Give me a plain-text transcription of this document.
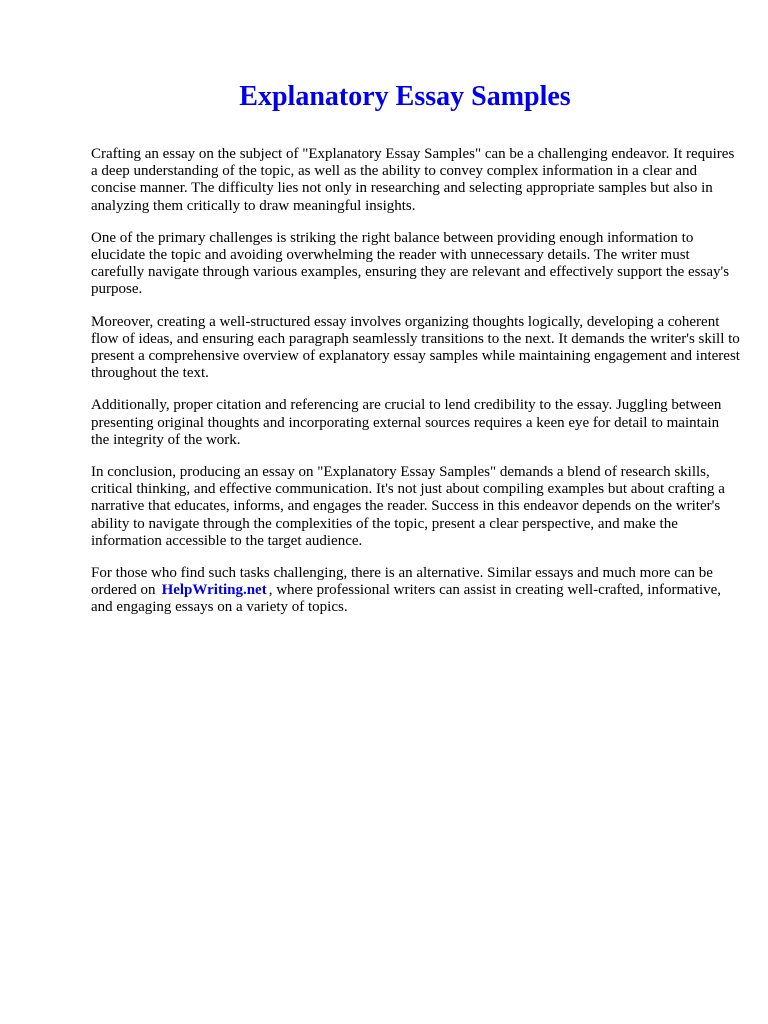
Explanatory Essay Samples

Crafting an essay on the subject of "Explanatory Essay Samples" can be a challenging endeavor. It requires a deep understanding of the topic, as well as the ability to convey complex information in a clear and concise manner. The difficulty lies not only in researching and selecting appropriate samples but also in analyzing them critically to draw meaningful insights.

One of the primary challenges is striking the right balance between providing enough information to elucidate the topic and avoiding overwhelming the reader with unnecessary details. The writer must carefully navigate through various examples, ensuring they are relevant and effectively support the essay's purpose.

Moreover, creating a well-structured essay involves organizing thoughts logically, developing a coherent flow of ideas, and ensuring each paragraph seamlessly transitions to the next. It demands the writer's skill to present a comprehensive overview of explanatory essay samples while maintaining engagement and interest throughout the text.

Additionally, proper citation and referencing are crucial to lend credibility to the essay. Juggling between presenting original thoughts and incorporating external sources requires a keen eye for detail to maintain the integrity of the work.

In conclusion, producing an essay on "Explanatory Essay Samples" demands a blend of research skills, critical thinking, and effective communication. It's not just about compiling examples but about crafting a narrative that educates, informs, and engages the reader. Success in this endeavor depends on the writer's ability to navigate through the complexities of the topic, present a clear perspective, and make the information accessible to the target audience.

For those who find such tasks challenging, there is an alternative. Similar essays and much more can be ordered on HelpWriting.net , where professional writers can assist in creating well-crafted, informative, and engaging essays on a variety of topics.
